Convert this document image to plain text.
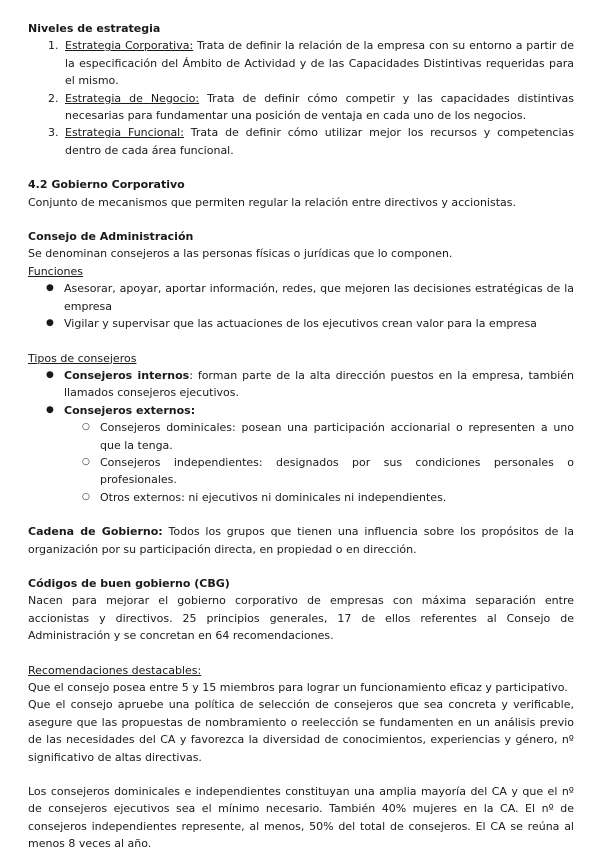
Niveles de estrategia

1. Estrategia Corporativa: Trata de definir la relación de la empresa con su entorno a partir de la especificación del Ámbito de Actividad y de las Capacidades Distintivas requeridas para el mismo.
2. Estrategia de Negocio: Trata de definir cómo competir y las capacidades distintivas necesarias para fundamentar una posición de ventaja en cada uno de los negocios.
3. Estrategia Funcional: Trata de definir cómo utilizar mejor los recursos y competencias dentro de cada área funcional.

4.2 Gobierno Corporativo

Conjunto de mecanismos que permiten regular la relación entre directivos y accionistas.

Consejo de Administración

Se denominan consejeros a las personas físicas o jurídicas que lo componen.

Funciones

● Asesorar, apoyar, aportar información, redes, que mejoren las decisiones estratégicas de la empresa
● Vigilar y supervisar que las actuaciones de los ejecutivos crean valor para la empresa

Tipos de consejeros

● Consejeros internos: forman parte de la alta dirección puestos en la empresa, también llamados consejeros ejecutivos.
● Consejeros externos:
○ Consejeros dominicales: posean una participación accionarial o representen a uno que la tenga.
○ Consejeros independientes: designados por sus condiciones personales o profesionales.
○ Otros externos: ni ejecutivos ni dominicales ni independientes.

Cadena de Gobierno: Todos los grupos que tienen una influencia sobre los propósitos de la organización por su participación directa, en propiedad o en dirección.

Códigos de buen gobierno (CBG)

Nacen para mejorar el gobierno corporativo de empresas con máxima separación entre accionistas y directivos. 25 principios generales, 17 de ellos referentes al Consejo de Administración y se concretan en 64 recomendaciones.

Recomendaciones destacables:

Que el consejo posea entre 5 y 15 miembros para lograr un funcionamiento eficaz y participativo.

Que el consejo apruebe una política de selección de consejeros que sea concreta y verificable, asegure que las propuestas de nombramiento o reelección se fundamenten en un análisis previo de las necesidades del CA y favorezca la diversidad de conocimientos, experiencias y género, nº significativo de altas directivas.

Los consejeros dominicales e independientes constituyan una amplia mayoría del CA y que el nº de consejeros ejecutivos sea el mínimo necesario. También 40% mujeres en la CA. El nº de consejeros independientes represente, al menos, 50% del total de consejeros. El CA se reúna al menos 8 veces al año.
